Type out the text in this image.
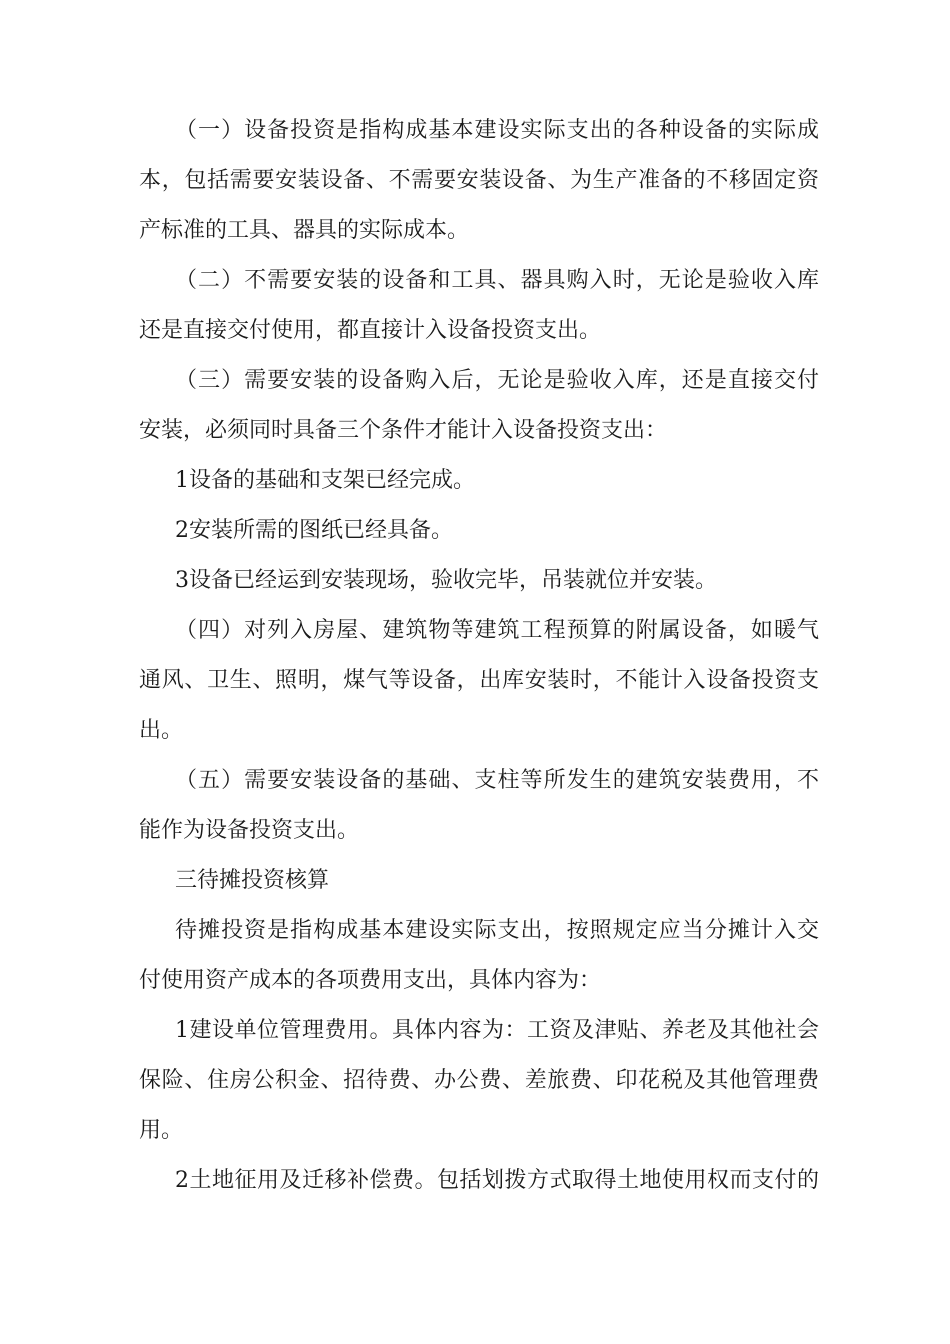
（一）设备投资是指构成基本建设实际支出的各种设备的实际成
本，包括需要安装设备、不需要安装设备、为生产准备的不移固定资
产标准的工具、器具的实际成本。
（二）不需要安装的设备和工具、器具购入时，无论是验收入库
还是直接交付使用，都直接计入设备投资支出。
（三）需要安装的设备购入后，无论是验收入库，还是直接交付
安装，必须同时具备三个条件才能计入设备投资支出：
1设备的基础和支架已经完成。
2安装所需的图纸已经具备。
3设备已经运到安装现场，验收完毕，吊装就位并安装。
（四）对列入房屋、建筑物等建筑工程预算的附属设备，如暖气
通风、卫生、照明，煤气等设备，出库安装时，不能计入设备投资支
出。
（五）需要安装设备的基础、支柱等所发生的建筑安装费用，不
能作为设备投资支出。
三待摊投资核算
待摊投资是指构成基本建设实际支出，按照规定应当分摊计入交
付使用资产成本的各项费用支出，具体内容为：
1建设单位管理费用。具体内容为：工资及津贴、养老及其他社会
保险、住房公积金、招待费、办公费、差旅费、印花税及其他管理费
用。
2土地征用及迁移补偿费。包括划拨方式取得土地使用权而支付的
